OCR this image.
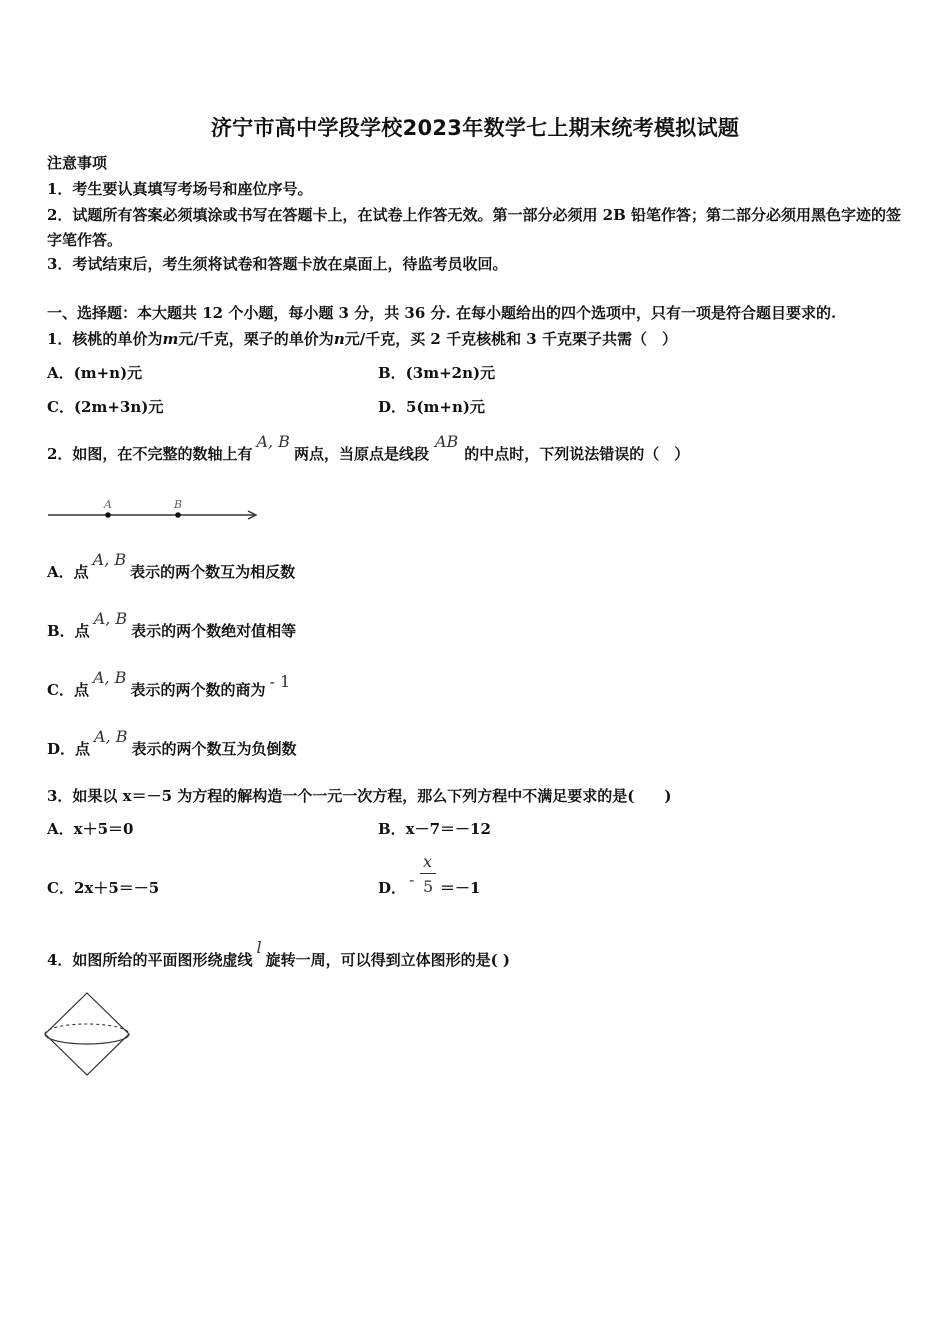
济宁市高中学段学校2023年数学七上期末统考模拟试题
注意事项
1．考生要认真填写考场号和座位序号。
2．试题所有答案必须填涂或书写在答题卡上，在试卷上作答无效。第一部分必须用 2B 铅笔作答；第二部分必须用黑色字迹的签字笔作答。
3．考试结束后，考生须将试卷和答题卡放在桌面上，待监考员收回。
一、选择题：本大题共 12 个小题，每小题 3 分，共 36 分. 在每小题给出的四个选项中，只有一项是符合题目要求的.
1．核桃的单价为m元/千克，栗子的单价为n元/千克，买 2 千克核桃和 3 千克栗子共需（　）
A．(m+n)元	B．(3m+2n)元
C．(2m+3n)元	D．5(m+n)元
2．如图，在不完整的数轴上有A, B两点，当原点是线段AB的中点时，下列说法错误的（　）
A	B
A．点A, B表示的两个数互为相反数
B．点A, B表示的两个数绝对值相等
C．点A, B表示的两个数的商为 - 1
D．点A, B表示的两个数互为负倒数
3．如果以 x＝－5 为方程的解构造一个一元一次方程，那么下列方程中不满足要求的是(　　)
A．x＋5＝0	B．x－7＝－12
C．2x＋5＝－5	D． -
x
5 ＝－1
4．如图所给的平面图形绕虚线l旋转一周，可以得到立体图形的是( )
